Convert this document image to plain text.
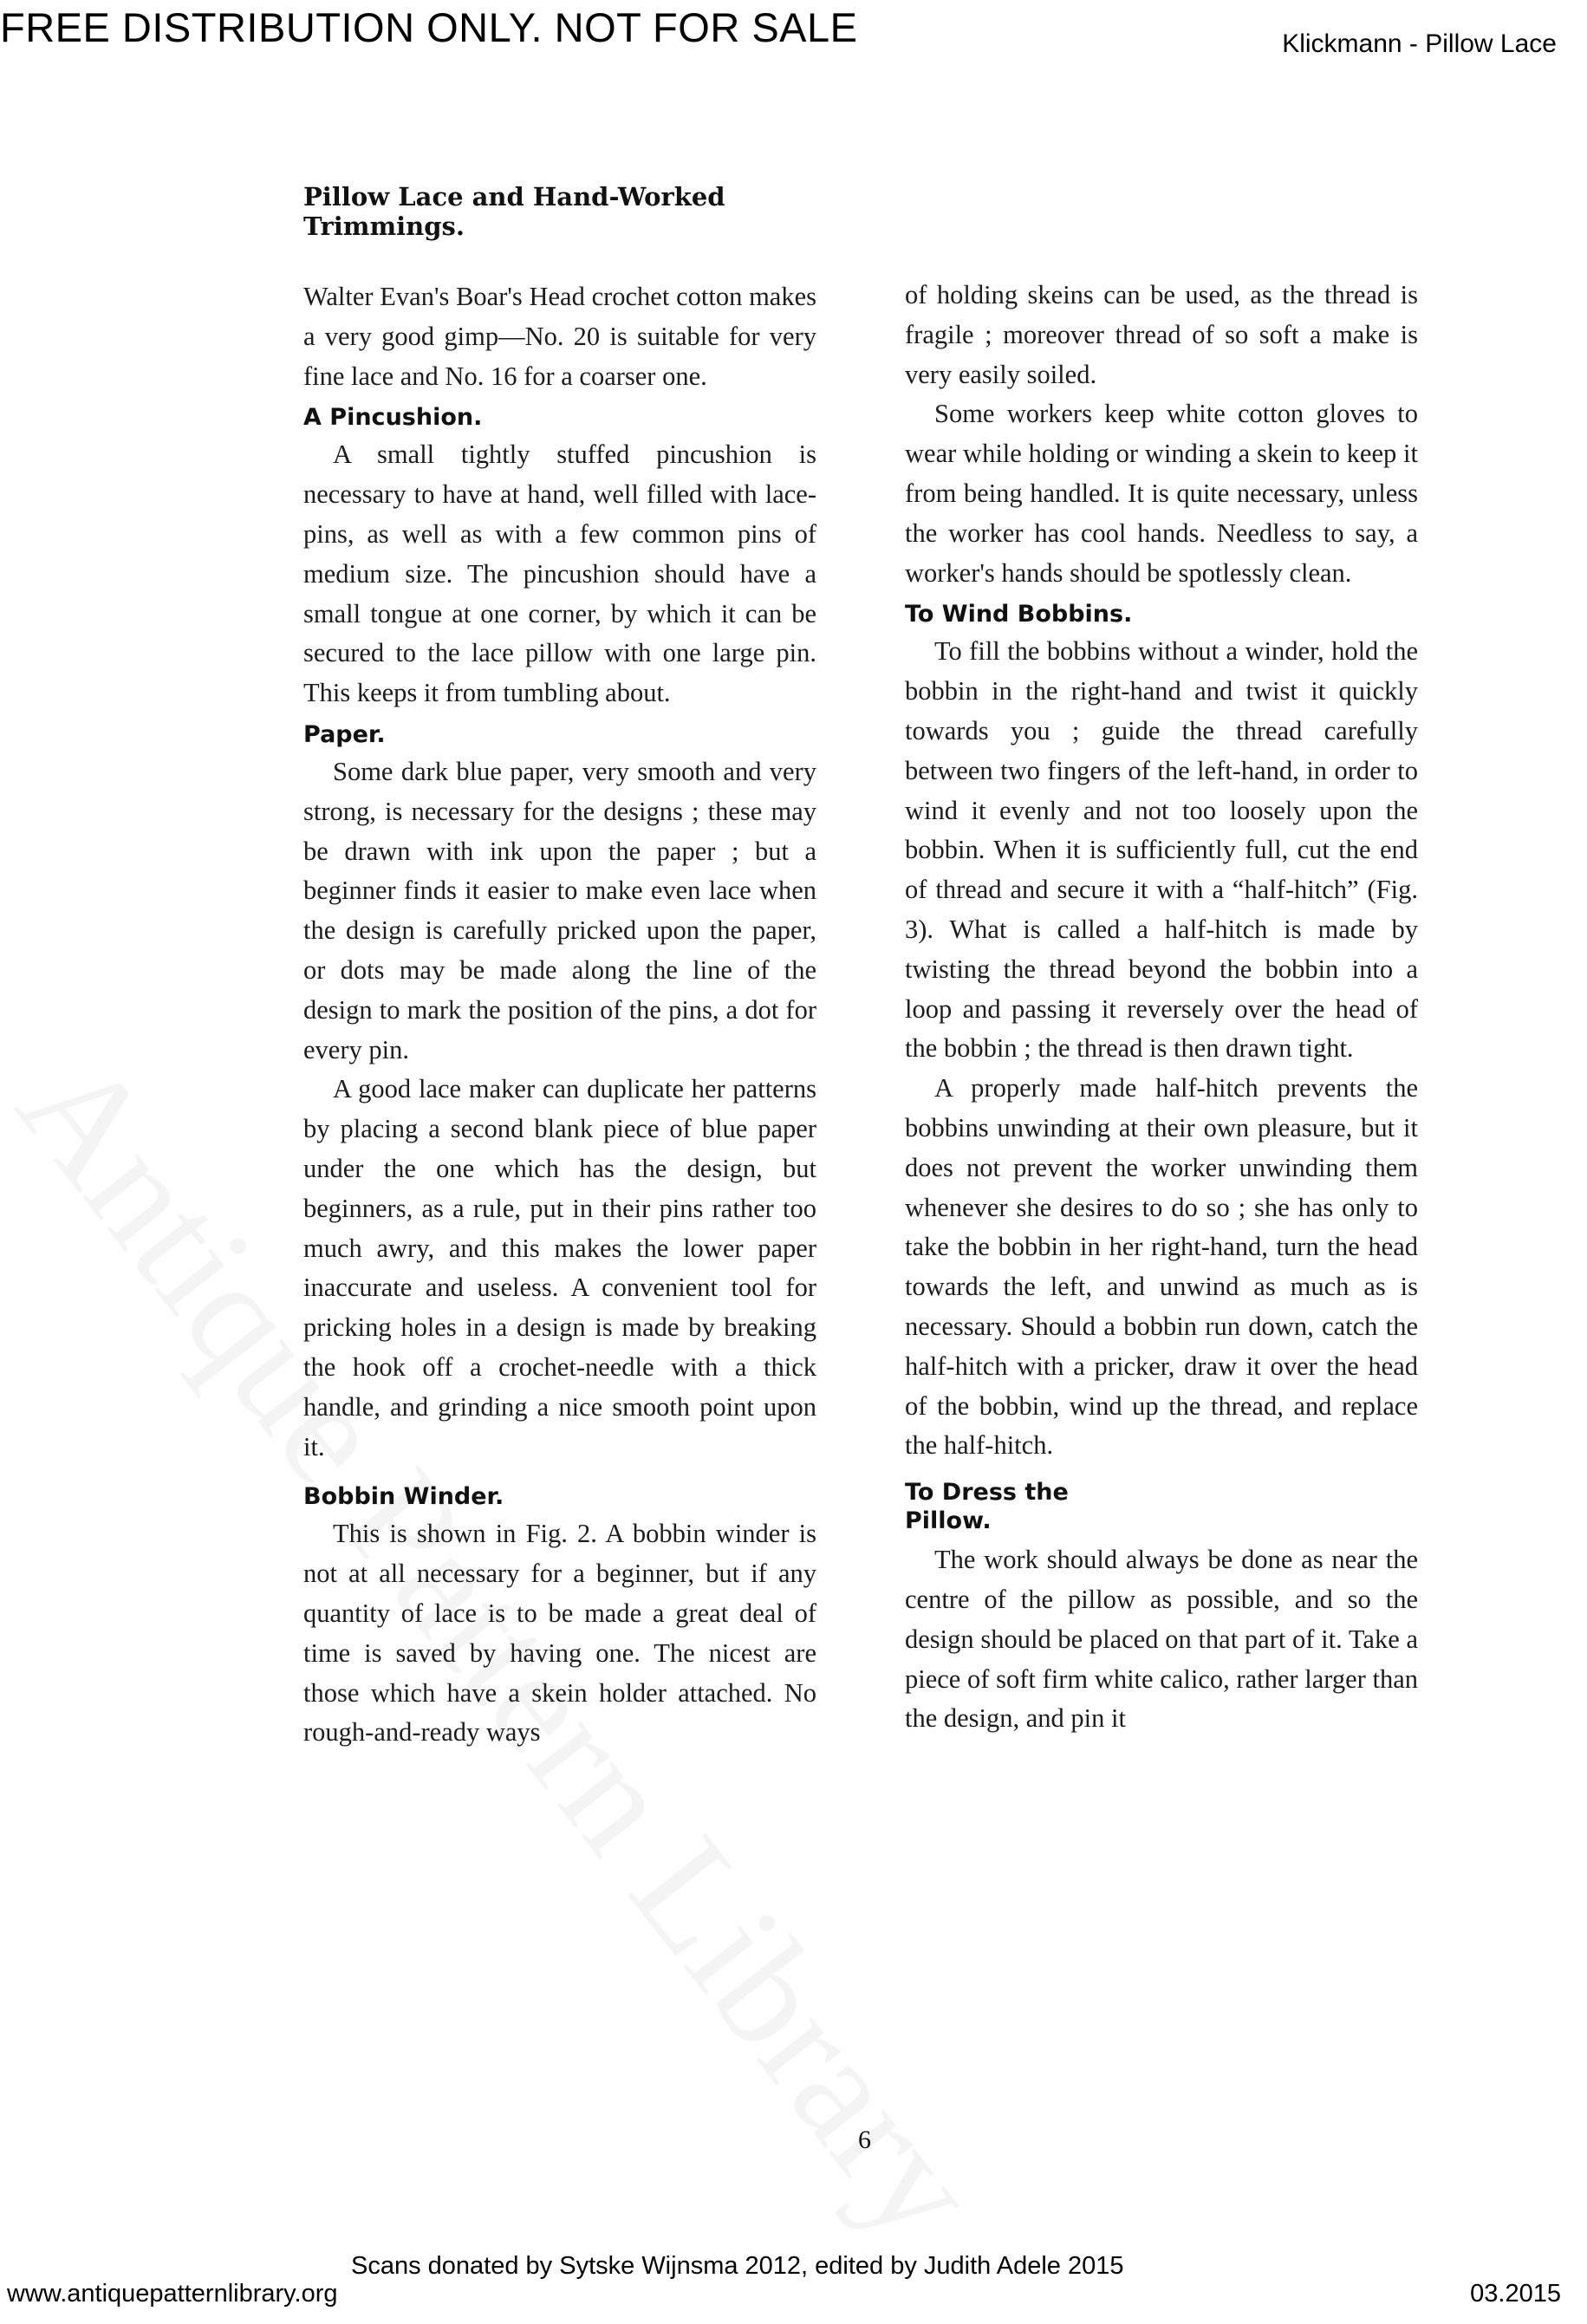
FREE DISTRIBUTION ONLY. NOT FOR SALE	Klickmann - Pillow Lace
Pillow Lace and Hand-Worked Trimmings.

Walter Evan's Boar's Head crochet cotton makes a very good gimp—No. 20 is suitable for very fine lace and No. 16 for a coarser one.

A Pincushion.

A small tightly stuffed pincushion is necessary to have at hand, well filled with lace-pins, as well as with a few common pins of medium size. The pincushion should have a small tongue at one corner, by which it can be secured to the lace pillow with one large pin. This keeps it from tumbling about.

Paper.

Some dark blue paper, very smooth and very strong, is necessary for the designs ; these may be drawn with ink upon the paper ; but a beginner finds it easier to make even lace when the design is carefully pricked upon the paper, or dots may be made along the line of the design to mark the position of the pins, a dot for every pin.

A good lace maker can duplicate her patterns by placing a second blank piece of blue paper under the one which has the design, but beginners, as a rule, put in their pins rather too much awry, and this makes the lower paper inaccurate and useless. A convenient tool for pricking holes in a design is made by breaking the hook off a crochet-needle with a thick handle, and grinding a nice smooth point upon it.

Bobbin Winder.

This is shown in Fig. 2. A bobbin winder is not at all necessary for a beginner, but if any quantity of lace is to be made a great deal of time is saved by having one. The nicest are those which have a skein holder attached. No rough-and-ready ways

of holding skeins can be used, as the thread is fragile ; moreover thread of so soft a make is very easily soiled.

Some workers keep white cotton gloves to wear while holding or winding a skein to keep it from being handled. It is quite necessary, unless the worker has cool hands. Needless to say, a worker's hands should be spotlessly clean.

To Wind Bobbins.

To fill the bobbins without a winder, hold the bobbin in the right-hand and twist it quickly towards you ; guide the thread carefully between two fingers of the left-hand, in order to wind it evenly and not too loosely upon the bobbin. When it is sufficiently full, cut the end of thread and secure it with a “half-hitch” (Fig. 3). What is called a half-hitch is made by twisting the thread beyond the bobbin into a loop and passing it reversely over the head of the bobbin ; the thread is then drawn tight.

A properly made half-hitch prevents the bobbins unwinding at their own pleasure, but it does not prevent the worker unwinding them whenever she desires to do so ; she has only to take the bobbin in her right-hand, turn the head towards the left, and unwind as much as is necessary. Should a bobbin run down, catch the half-hitch with a pricker, draw it over the head of the bobbin, wind up the thread, and replace the half-hitch.

To Dress the Pillow.

The work should always be done as near the centre of the pillow as possible, and so the design should be placed on that part of it. Take a piece of soft firm white calico, rather larger than the design, and pin it

6
Scans donated by Sytske Wijnsma 2012, edited by Judith Adele 2015
www.antiquepatternlibrary.org	03.2015
